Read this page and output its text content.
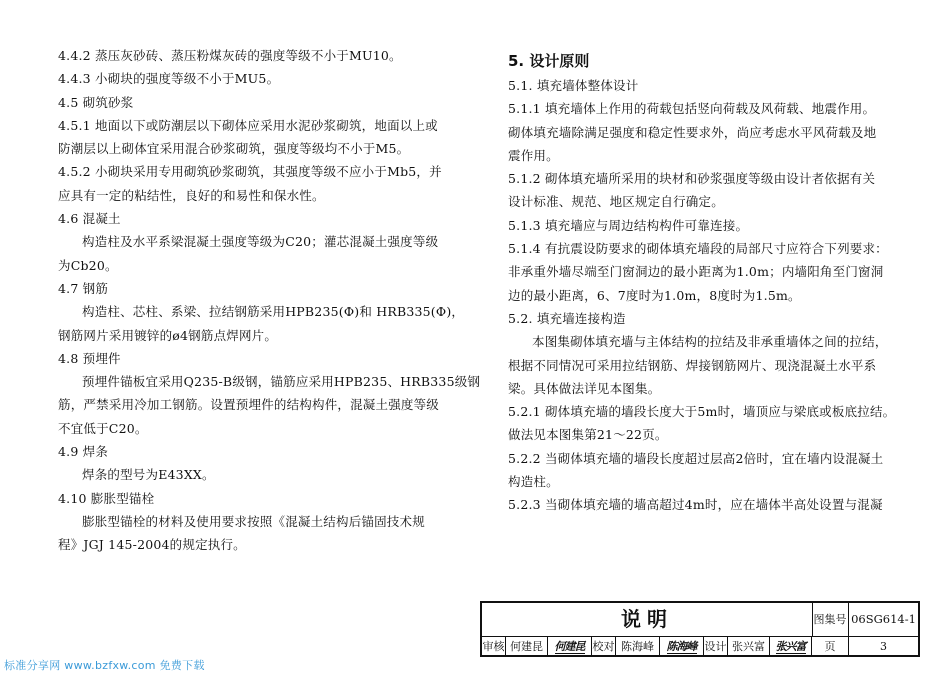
4.4.2 蒸压灰砂砖、蒸压粉煤灰砖的强度等级不小于MU10。
4.4.3 小砌块的强度等级不小于MU5。
4.5 砌筑砂浆
4.5.1 地面以下或防潮层以下砌体应采用水泥砂浆砌筑，地面以上或
防潮层以上砌体宜采用混合砂浆砌筑，强度等级均不小于M5。
4.5.2 小砌块采用专用砌筑砂浆砌筑，其强度等级不应小于Mb5，并
应具有一定的粘结性，良好的和易性和保水性。
4.6 混凝土
构造柱及水平系梁混凝土强度等级为C20；灌芯混凝土强度等级
为Cb20。
4.7 钢筋
构造柱、芯柱、系梁、拉结钢筋采用HPB235(Φ)和 HRB335(Φ)，
钢筋网片采用镀锌的ø4钢筋点焊网片。
4.8 预埋件
预埋件锚板宜采用Q235-B级钢，锚筋应采用HPB235、HRB335级钢
筋，严禁采用冷加工钢筋。设置预埋件的结构构件，混凝土强度等级
不宜低于C20。
4.9 焊条
焊条的型号为E43XX。
4.10 膨胀型锚栓
膨胀型锚栓的材料及使用要求按照《混凝土结构后锚固技术规
程》JGJ 145-2004的规定执行。
5. 设计原则
5.1. 填充墙体整体设计
5.1.1 填充墙体上作用的荷载包括竖向荷载及风荷载、地震作用。
砌体填充墙除满足强度和稳定性要求外，尚应考虑水平风荷载及地
震作用。
5.1.2 砌体填充墙所采用的块材和砂浆强度等级由设计者依据有关
设计标准、规范、地区规定自行确定。
5.1.3 填充墙应与周边结构构件可靠连接。
5.1.4 有抗震设防要求的砌体填充墙段的局部尺寸应符合下列要求：
非承重外墙尽端至门窗洞边的最小距离为1.0m；内墙阳角至门窗洞
边的最小距离，6、7度时为1.0m，8度时为1.5m。
5.2. 填充墙连接构造
本图集砌体填充墙与主体结构的拉结及非承重墙体之间的拉结，
根据不同情况可采用拉结钢筋、焊接钢筋网片、现浇混凝土水平系
梁。具体做法详见本图集。
5.2.1 砌体填充墙的墙段长度大于5m时，墙顶应与梁底或板底拉结。
做法见本图集第21～22页。
5.2.2 当砌体填充墙的墙段长度超过层高2倍时，宜在墙内设混凝土
构造柱。
5.2.3 当砌体填充墙的墙高超过4m时，应在墙体半高处设置与混凝
说明	图集号 06SG614-1
审核 何建昆	何建昆 校对 陈海峰	陈海峰 设计 张兴富 张兴富	页	3
标准分享网 www.bzfxw.com 免费下载
